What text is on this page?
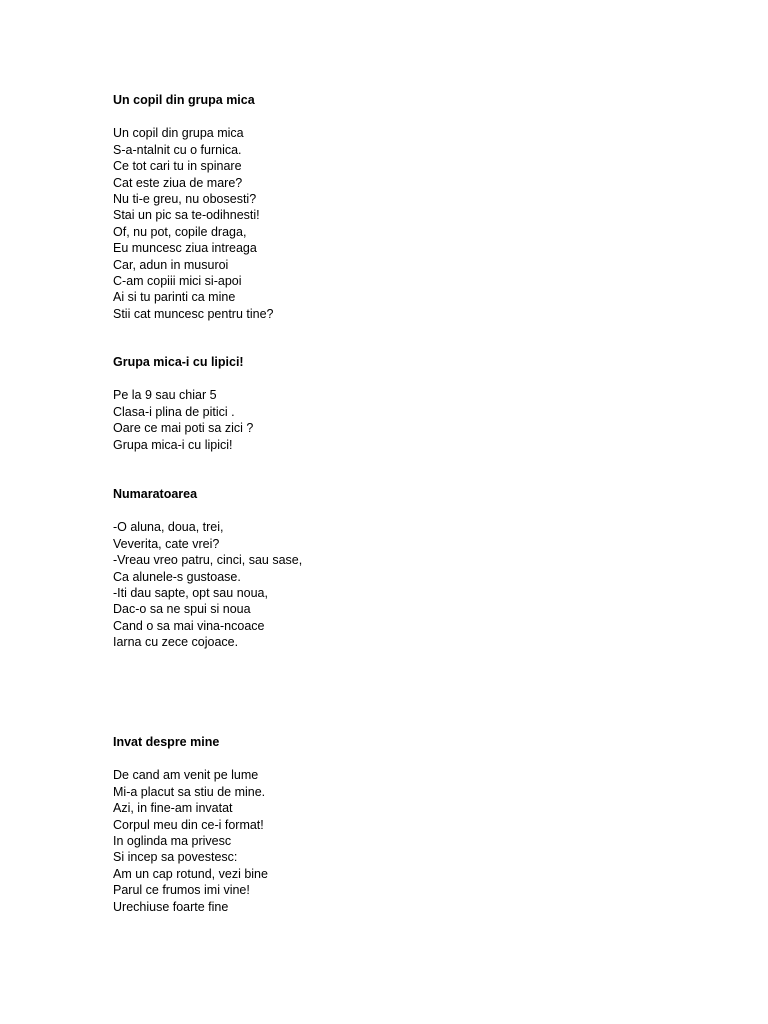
Un copil din grupa mica
Un copil din grupa mica
S-a-ntalnit cu o furnica.
Ce tot cari tu in spinare
Cat este ziua de mare?
Nu ti-e greu, nu obosesti?
Stai un pic sa te-odihnesti!
Of, nu pot, copile draga,
Eu muncesc ziua intreaga
Car, adun in musuroi
C-am copiii mici si-apoi
Ai si tu parinti ca mine
Stii cat muncesc pentru tine?
Grupa mica-i cu lipici!
Pe la 9 sau chiar 5
Clasa-i plina de pitici .
Oare ce mai poti sa zici ?
Grupa mica-i cu lipici!
Numaratoarea
-O aluna, doua, trei,
Veverita, cate vrei?
-Vreau vreo patru, cinci, sau sase,
Ca alunele-s gustoase.
-Iti dau sapte, opt sau noua,
Dac-o sa ne spui si noua
Cand o sa mai vina-ncoace
Iarna cu zece cojoace.
Invat despre mine
De cand am venit pe lume
Mi-a placut sa stiu de mine.
Azi, in fine-am invatat
Corpul meu din ce-i format!
In oglinda ma privesc
Si incep sa povestesc:
Am un cap rotund, vezi bine
Parul ce frumos imi vine!
Urechiuse foarte fine
